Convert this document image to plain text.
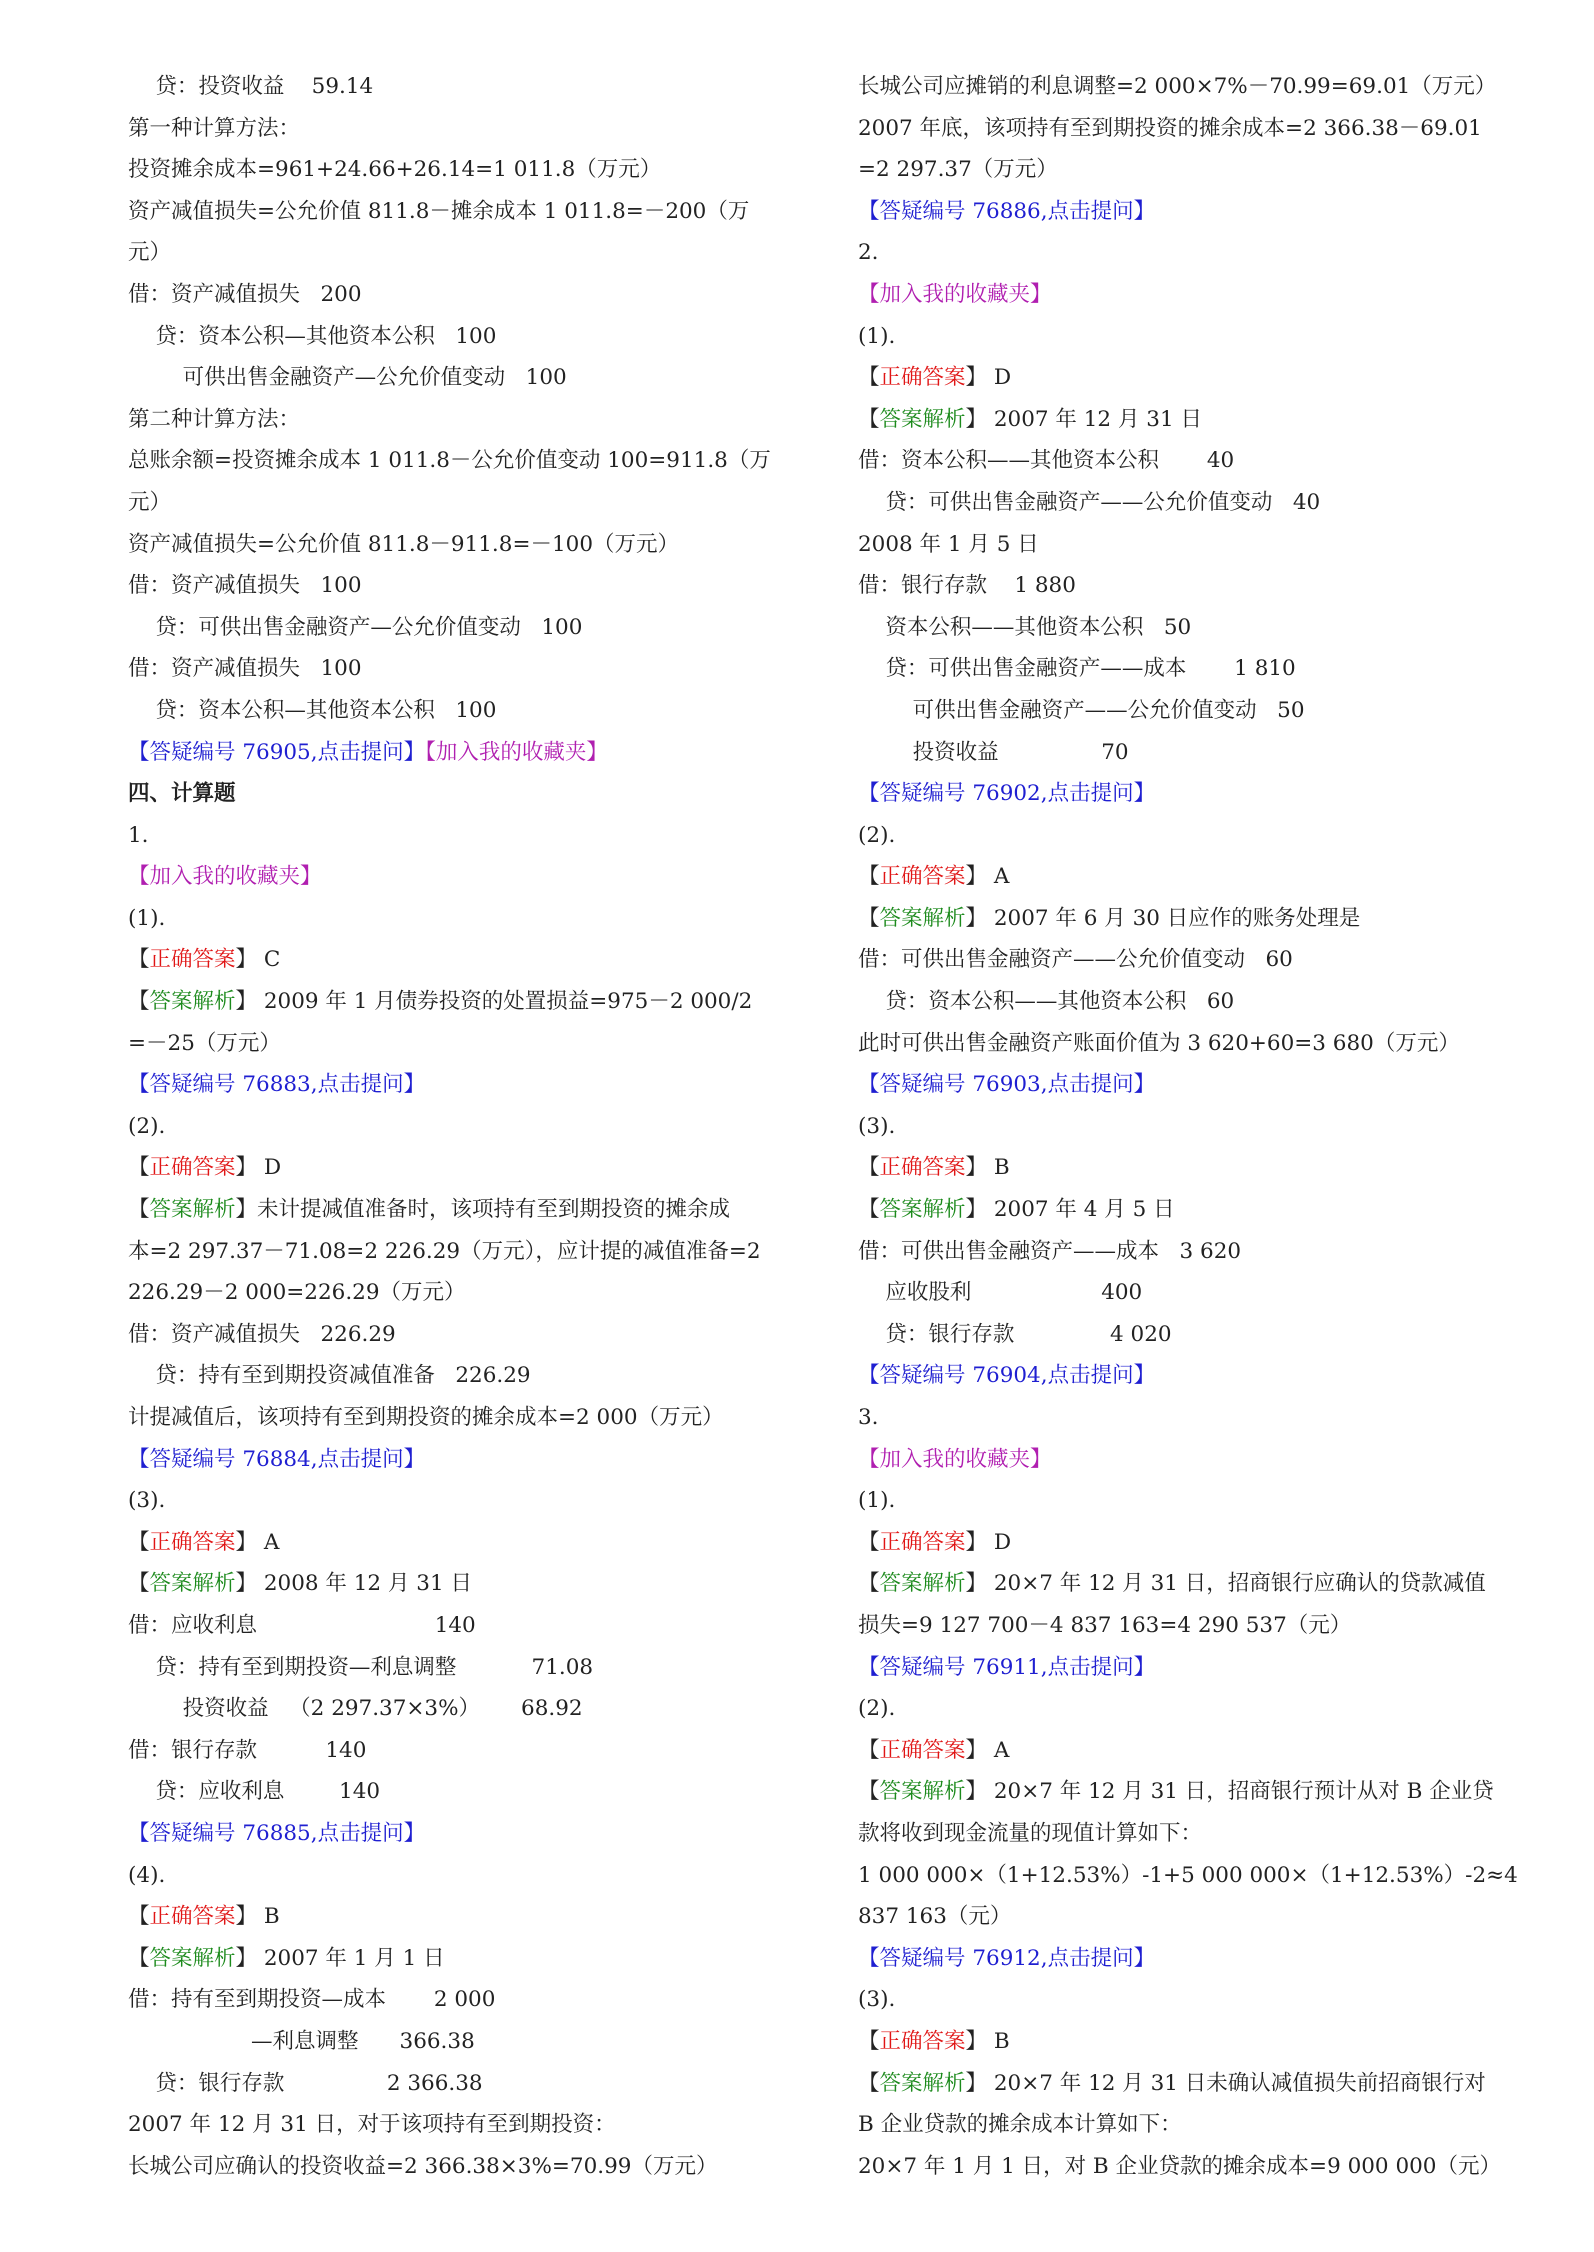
贷：投资收益    59.14
第一种计算方法：
投资摊余成本=961+24.66+26.14=1 011.8（万元）
资产减值损失=公允价值 811.8－摊余成本 1 011.8=－200（万
元）
借：资产减值损失   200
贷：资本公积—其他资本公积   100
可供出售金融资产—公允价值变动   100
第二种计算方法：
总账余额=投资摊余成本 1 011.8－公允价值变动 100=911.8（万
元）
资产减值损失=公允价值 811.8－911.8=－100（万元）
借：资产减值损失   100
贷：可供出售金融资产—公允价值变动   100
借：资产减值损失   100
贷：资本公积—其他资本公积   100
【答疑编号 76905,点击提问】【加入我的收藏夹】
四、计算题
1.
【加入我的收藏夹】
(1).
【正确答案】 C
【答案解析】 2009 年 1 月债券投资的处置损益=975－2 000/2
=－25（万元）
【答疑编号 76883,点击提问】
(2).
【正确答案】 D
【答案解析】未计提减值准备时，该项持有至到期投资的摊余成
本=2 297.37－71.08=2 226.29（万元），应计提的减值准备=2
226.29－2 000=226.29（万元）
借：资产减值损失   226.29
贷：持有至到期投资减值准备   226.29
计提减值后，该项持有至到期投资的摊余成本=2 000（万元）
【答疑编号 76884,点击提问】
(3).
【正确答案】 A
【答案解析】 2008 年 12 月 31 日
借：应收利息                          140
贷：持有至到期投资—利息调整           71.08
投资收益   （2 297.37×3%）      68.92
借：银行存款          140
贷：应收利息        140
【答疑编号 76885,点击提问】
(4).
【正确答案】 B
【答案解析】 2007 年 1 月 1 日
借：持有至到期投资—成本       2 000
—利息调整      366.38
贷：银行存款               2 366.38
2007 年 12 月 31 日，对于该项持有至到期投资：
长城公司应确认的投资收益=2 366.38×3%=70.99（万元）
长城公司应摊销的利息调整=2 000×7%－70.99=69.01（万元）
2007 年底，该项持有至到期投资的摊余成本=2 366.38－69.01
=2 297.37（万元）
【答疑编号 76886,点击提问】
2.
【加入我的收藏夹】
(1).
【正确答案】 D
【答案解析】 2007 年 12 月 31 日
借：资本公积——其他资本公积       40
贷：可供出售金融资产——公允价值变动   40
2008 年 1 月 5 日
借：银行存款    1 880
资本公积——其他资本公积   50
贷：可供出售金融资产——成本       1 810
可供出售金融资产——公允价值变动   50
投资收益               70
【答疑编号 76902,点击提问】
(2).
【正确答案】 A
【答案解析】 2007 年 6 月 30 日应作的账务处理是
借：可供出售金融资产——公允价值变动   60
贷：资本公积——其他资本公积   60
此时可供出售金融资产账面价值为 3 620+60=3 680（万元）
【答疑编号 76903,点击提问】
(3).
【正确答案】 B
【答案解析】 2007 年 4 月 5 日
借：可供出售金融资产——成本   3 620
应收股利                   400
贷：银行存款              4 020
【答疑编号 76904,点击提问】
3.
【加入我的收藏夹】
(1).
【正确答案】 D
【答案解析】 20×7 年 12 月 31 日，招商银行应确认的贷款减值
损失=9 127 700－4 837 163=4 290 537（元）
【答疑编号 76911,点击提问】
(2).
【正确答案】 A
【答案解析】 20×7 年 12 月 31 日，招商银行预计从对 B 企业贷
款将收到现金流量的现值计算如下：
1 000 000×（1+12.53%）-1+5 000 000×（1+12.53%）-2≈4
837 163（元）
【答疑编号 76912,点击提问】
(3).
【正确答案】 B
【答案解析】 20×7 年 12 月 31 日未确认减值损失前招商银行对
B 企业贷款的摊余成本计算如下：
20×7 年 1 月 1 日，对 B 企业贷款的摊余成本=9 000 000（元）
